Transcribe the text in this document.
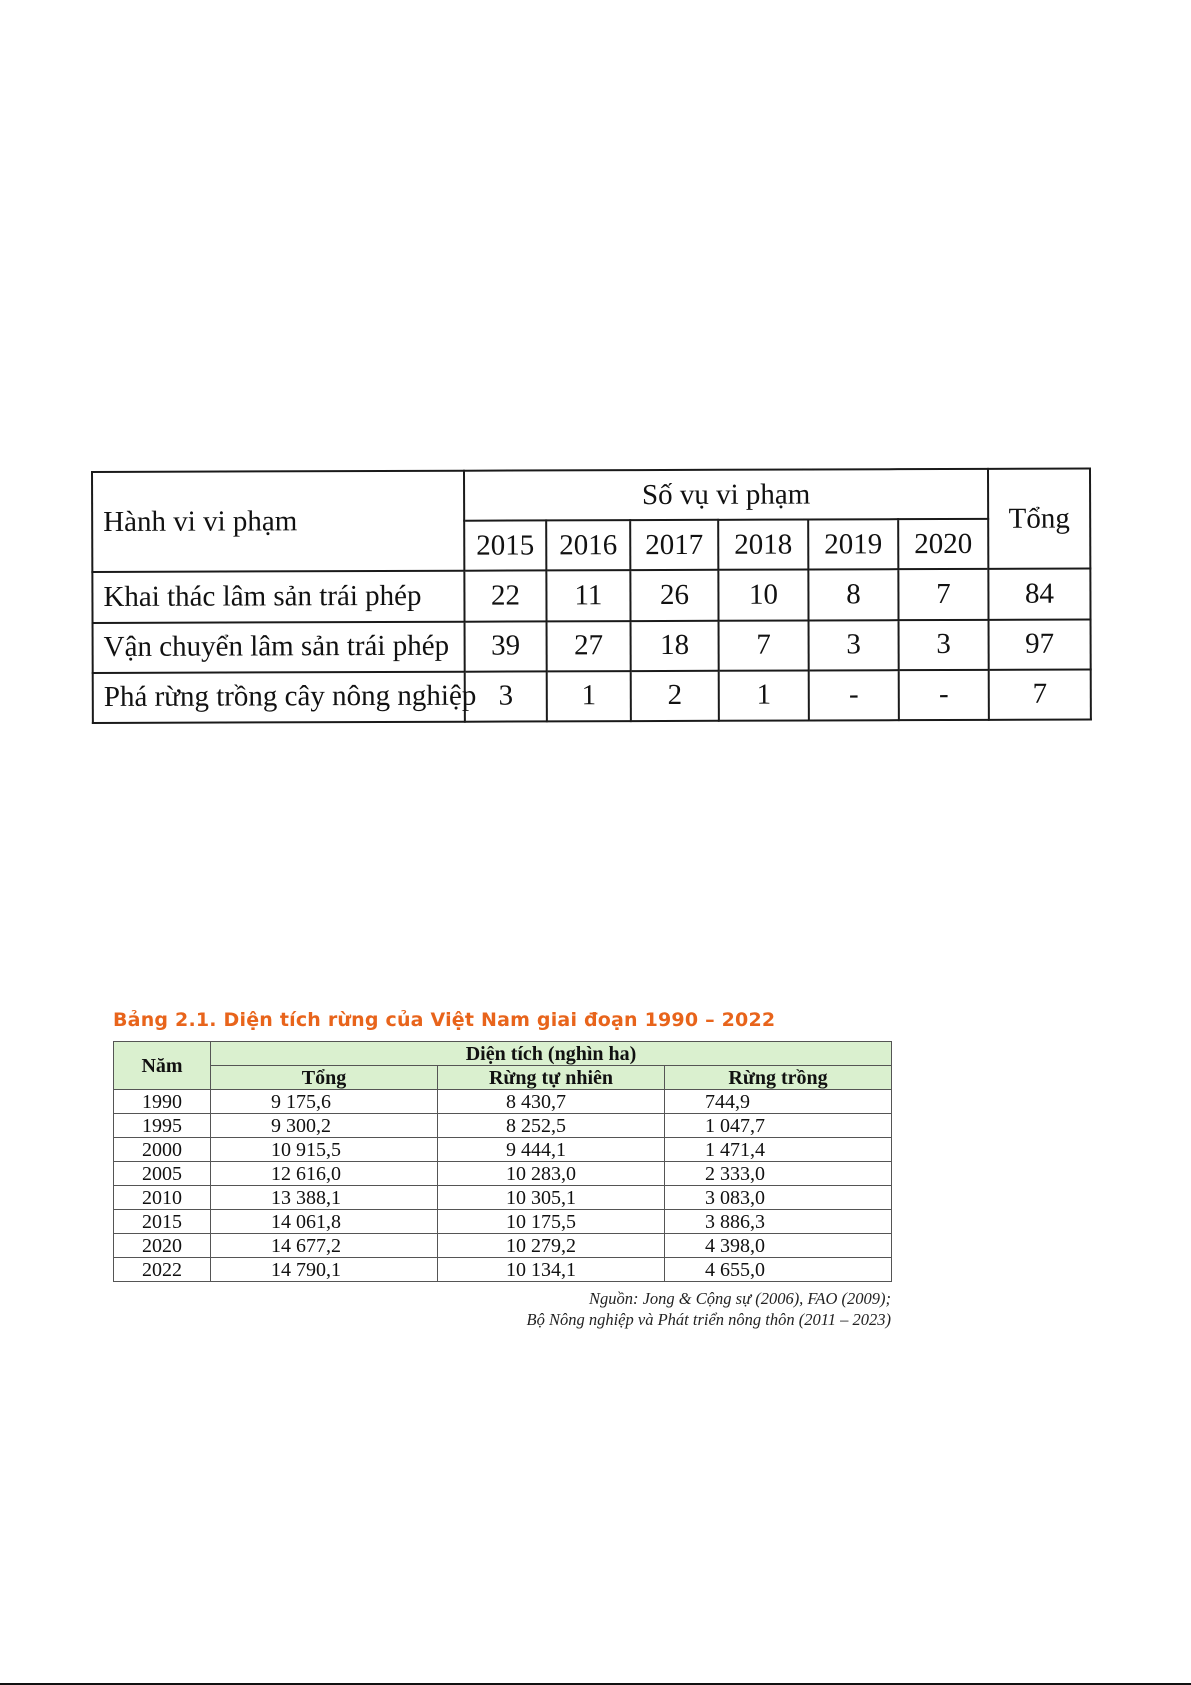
Hành vi vi phạm	Số vụ vi phạm						Tổng
	2015	2016	2017	2018	2019	2020	
Khai thác lâm sản trái phép	22	11	26	10	8	7	84
Vận chuyển lâm sản trái phép	39	27	18	7	3	3	97
Phá rừng trồng cây nông nghiệp	3	1	2	1	-	-	7
Bảng 2.1. Diện tích rừng của Việt Nam giai đoạn 1990 – 2022
Năm	Diện tích (nghìn ha)		
	Tổng	Rừng tự nhiên	Rừng trồng
1990	9 175,6	8 430,7	744,9
1995	9 300,2	8 252,5	1 047,7
2000	10 915,5	9 444,1	1 471,4
2005	12 616,0	10 283,0	2 333,0
2010	13 388,1	10 305,1	3 083,0
2015	14 061,8	10 175,5	3 886,3
2020	14 677,2	10 279,2	4 398,0
2022	14 790,1	10 134,1	4 655,0
Nguồn: Jong & Cộng sự (2006), FAO (2009);
Bộ Nông nghiệp và Phát triển nông thôn (2011 – 2023)
